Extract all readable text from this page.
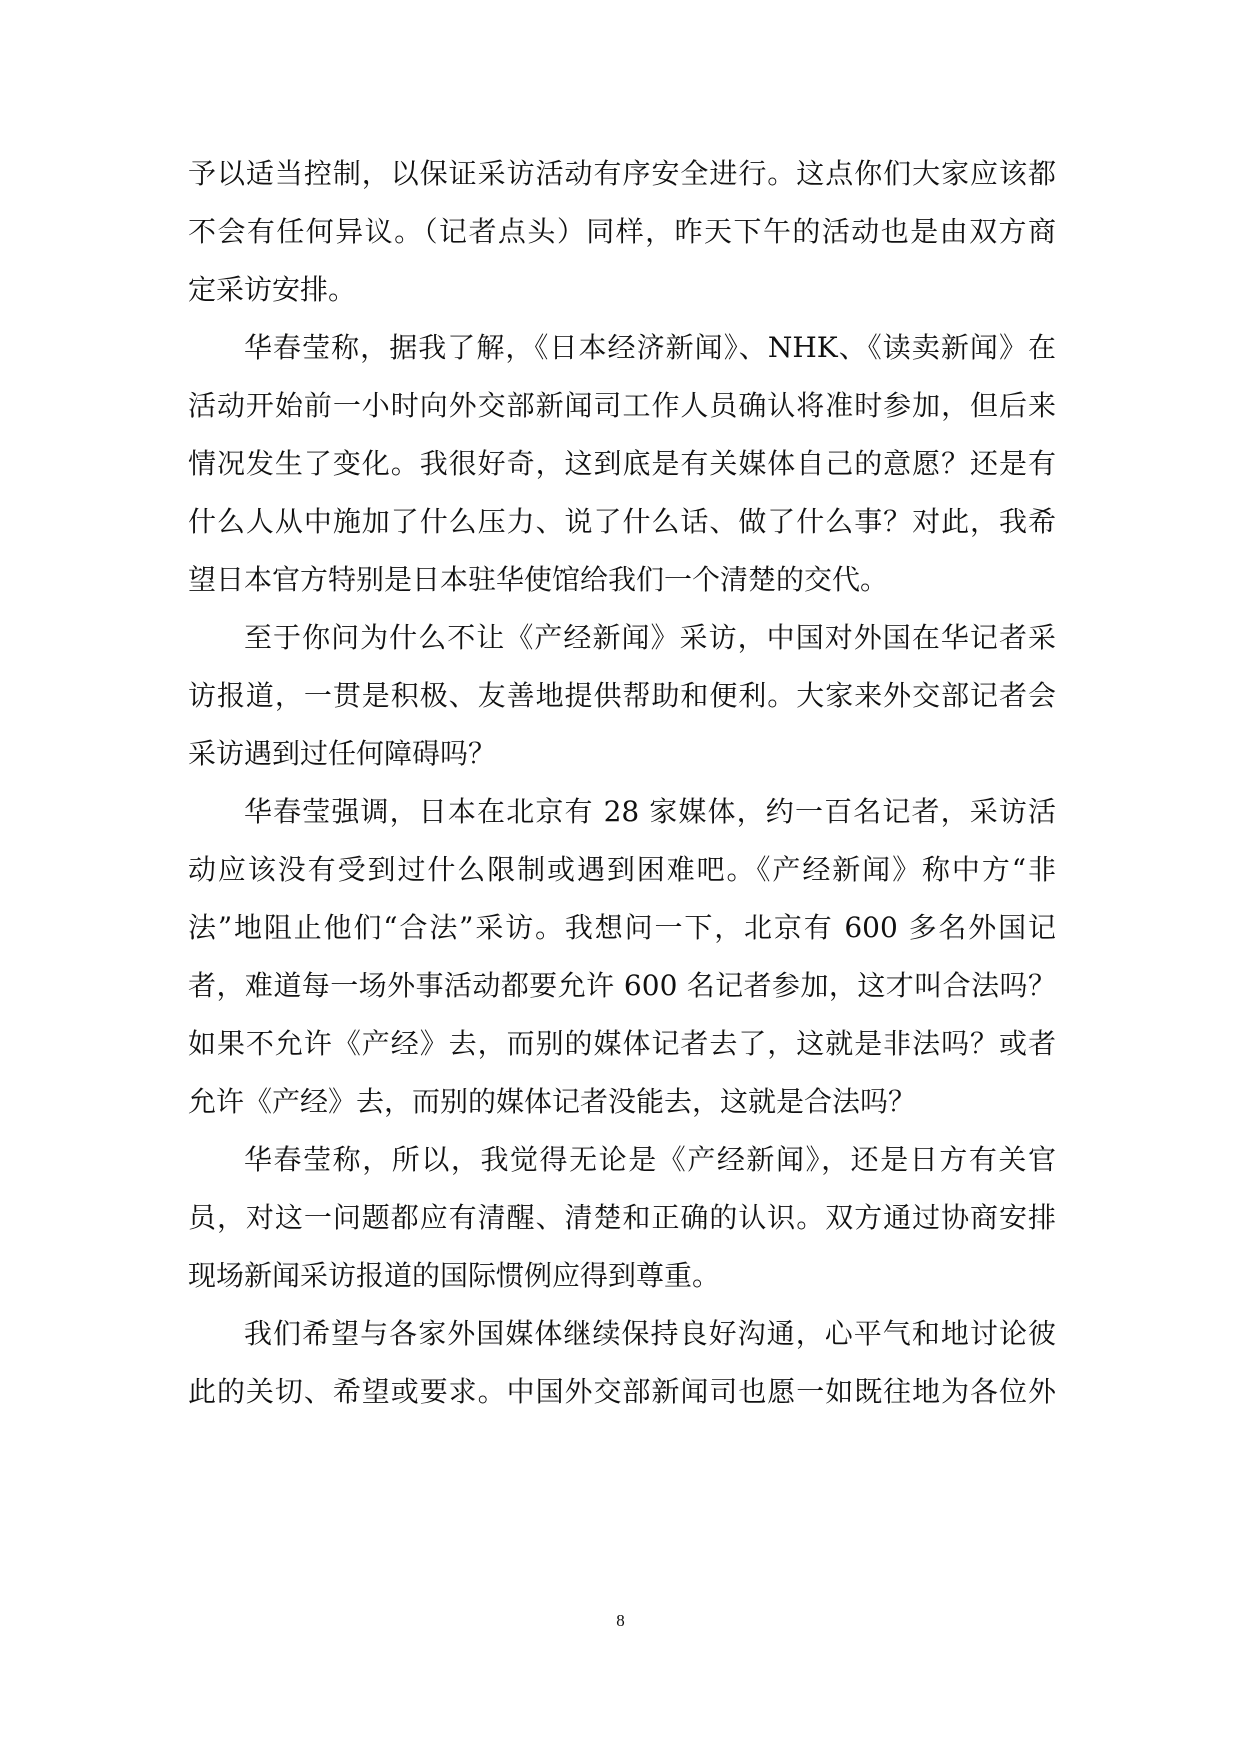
予以适当控制，以保证采访活动有序安全进行。这点你们大家应该都
不会有任何异议。（记者点头）同样，昨天下午的活动也是由双方商
定采访安排。
华春莹称，据我了解，《日本经济新闻》、NHK、《读卖新闻》在
活动开始前一小时向外交部新闻司工作人员确认将准时参加，但后来
情况发生了变化。我很好奇，这到底是有关媒体自己的意愿？还是有
什么人从中施加了什么压力、说了什么话、做了什么事？对此，我希
望日本官方特别是日本驻华使馆给我们一个清楚的交代。
至于你问为什么不让《产经新闻》采访，中国对外国在华记者采
访报道，一贯是积极、友善地提供帮助和便利。大家来外交部记者会
采访遇到过任何障碍吗？
华春莹强调，日本在北京有 28 家媒体，约一百名记者，采访活
动应该没有受到过什么限制或遇到困难吧。《产经新闻》称中方“非
法”地阻止他们“合法”采访。我想问一下，北京有 600 多名外国记
者，难道每一场外事活动都要允许 600 名记者参加，这才叫合法吗？
如果不允许《产经》去，而别的媒体记者去了，这就是非法吗？或者
允许《产经》去，而别的媒体记者没能去，这就是合法吗？
华春莹称，所以，我觉得无论是《产经新闻》，还是日方有关官
员，对这一问题都应有清醒、清楚和正确的认识。双方通过协商安排
现场新闻采访报道的国际惯例应得到尊重。
我们希望与各家外国媒体继续保持良好沟通，心平气和地讨论彼
此的关切、希望或要求。中国外交部新闻司也愿一如既往地为各位外
8
